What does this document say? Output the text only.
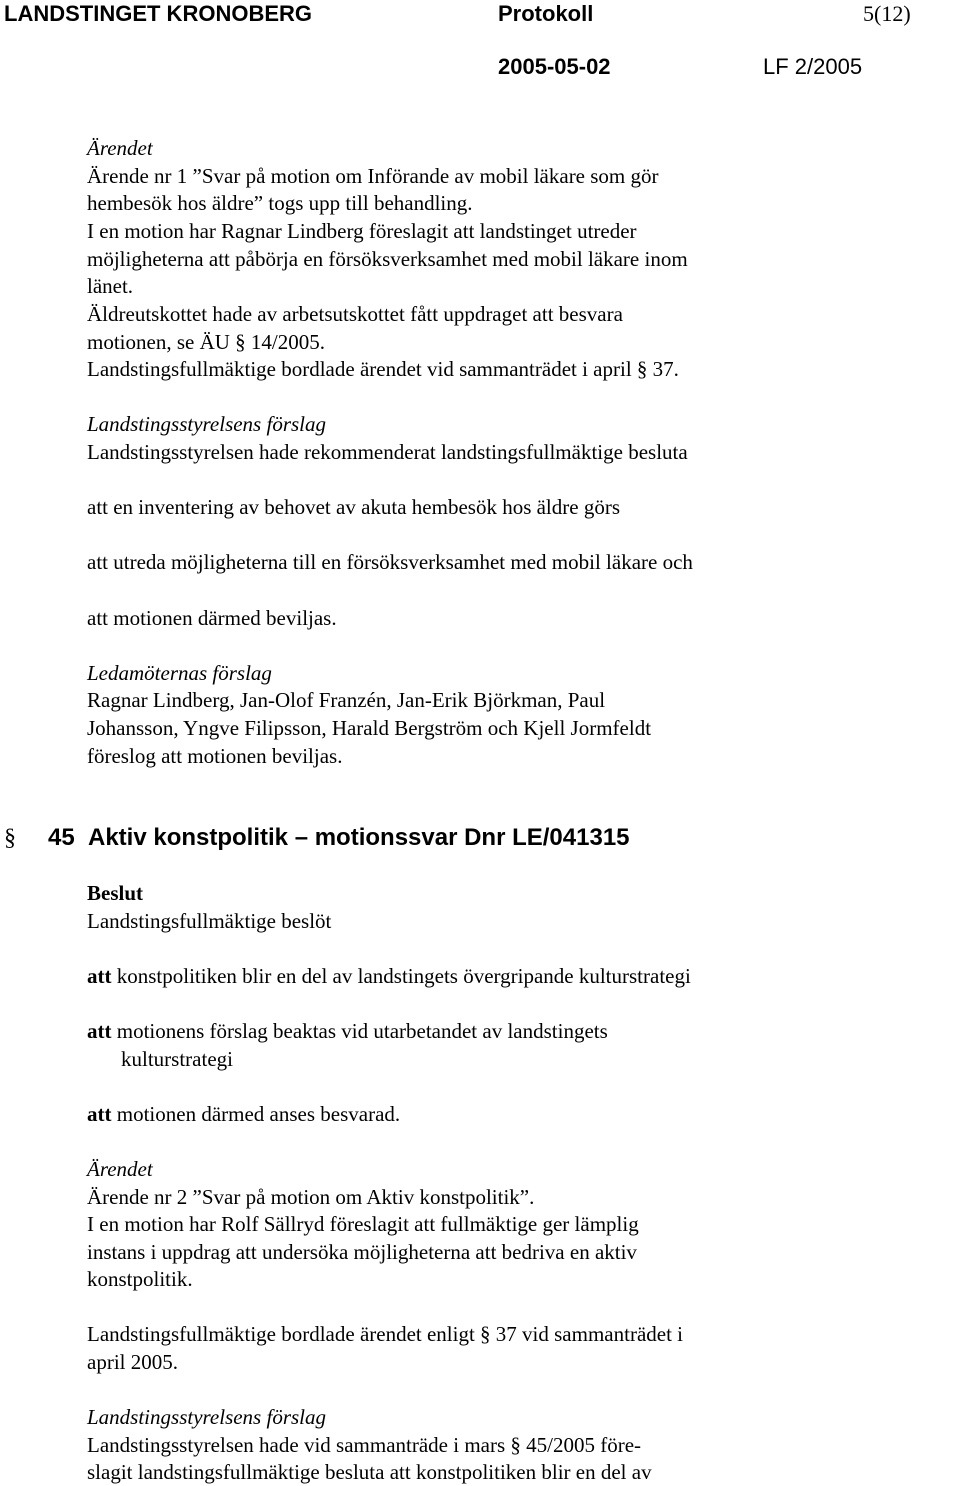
LANDSTINGET KRONOBERG	Protokoll	5(12)
2005-05-02	LF 2/2005
Ärendet
Ärende nr 1 ”Svar på motion om Införande av mobil läkare som gör
hembesök hos äldre” togs upp till behandling.
I en motion har Ragnar Lindberg föreslagit att landstinget utreder
möjligheterna att påbörja en försöksverksamhet med mobil läkare inom
länet.
Äldreutskottet hade av arbetsutskottet fått uppdraget att besvara
motionen, se ÄU § 14/2005.
Landstingsfullmäktige bordlade ärendet vid sammanträdet i april § 37.
Landstingsstyrelsens förslag
Landstingsstyrelsen hade rekommenderat landstingsfullmäktige besluta
att en inventering av behovet av akuta hembesök hos äldre görs
att utreda möjligheterna till en försöksverksamhet med mobil läkare och
att motionen därmed beviljas.
Ledamöternas förslag
Ragnar Lindberg, Jan-Olof Franzén, Jan-Erik Björkman, Paul
Johansson, Yngve Filipsson, Harald Bergström och Kjell Jormfeldt
föreslog att motionen beviljas.
§ 45 Aktiv konstpolitik – motionssvar Dnr LE/041315
Beslut
Landstingsfullmäktige beslöt
att konstpolitiken blir en del av landstingets övergripande kulturstrategi
att motionens förslag beaktas vid utarbetandet av landstingets
kulturstrategi
att motionen därmed anses besvarad.
Ärendet
Ärende nr 2 ”Svar på motion om Aktiv konstpolitik”.
I en motion har Rolf Sällryd föreslagit att fullmäktige ger lämplig
instans i uppdrag att undersöka möjligheterna att bedriva en aktiv
konstpolitik.
Landstingsfullmäktige bordlade ärendet enligt § 37 vid sammanträdet i
april 2005.
Landstingsstyrelsens förslag
Landstingsstyrelsen hade vid sammanträde i mars § 45/2005 före-
slagit landstingsfullmäktige besluta att konstpolitiken blir en del av
